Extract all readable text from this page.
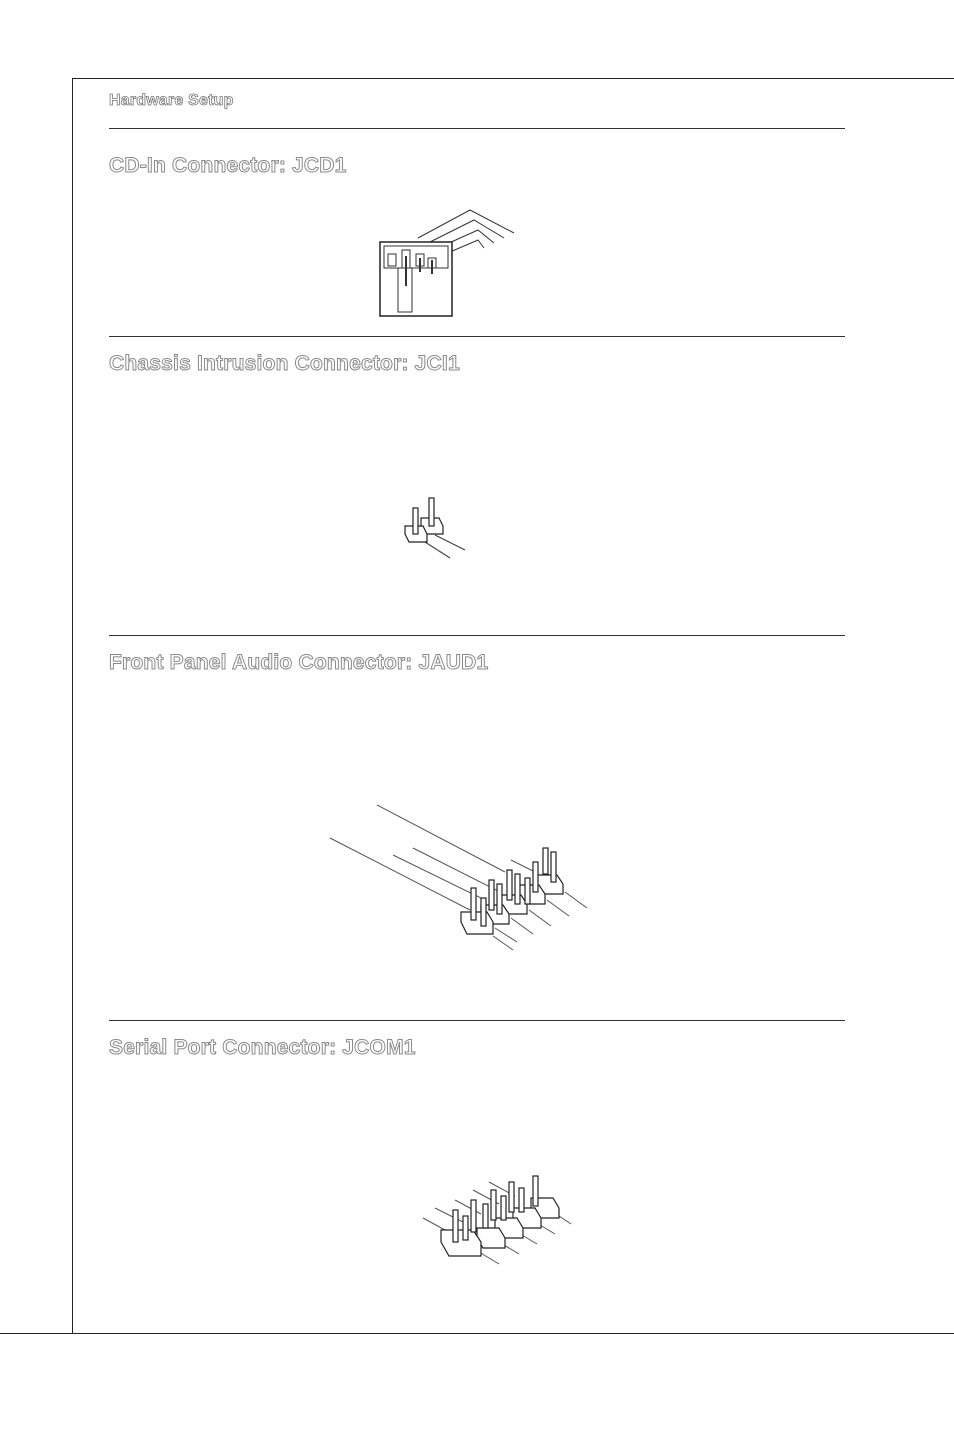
Hardware Setup
CD-In Connector: JCD1
Chassis Intrusion Connector: JCI1
Front Panel Audio Connector: JAUD1
Serial Port Connector: JCOM1
